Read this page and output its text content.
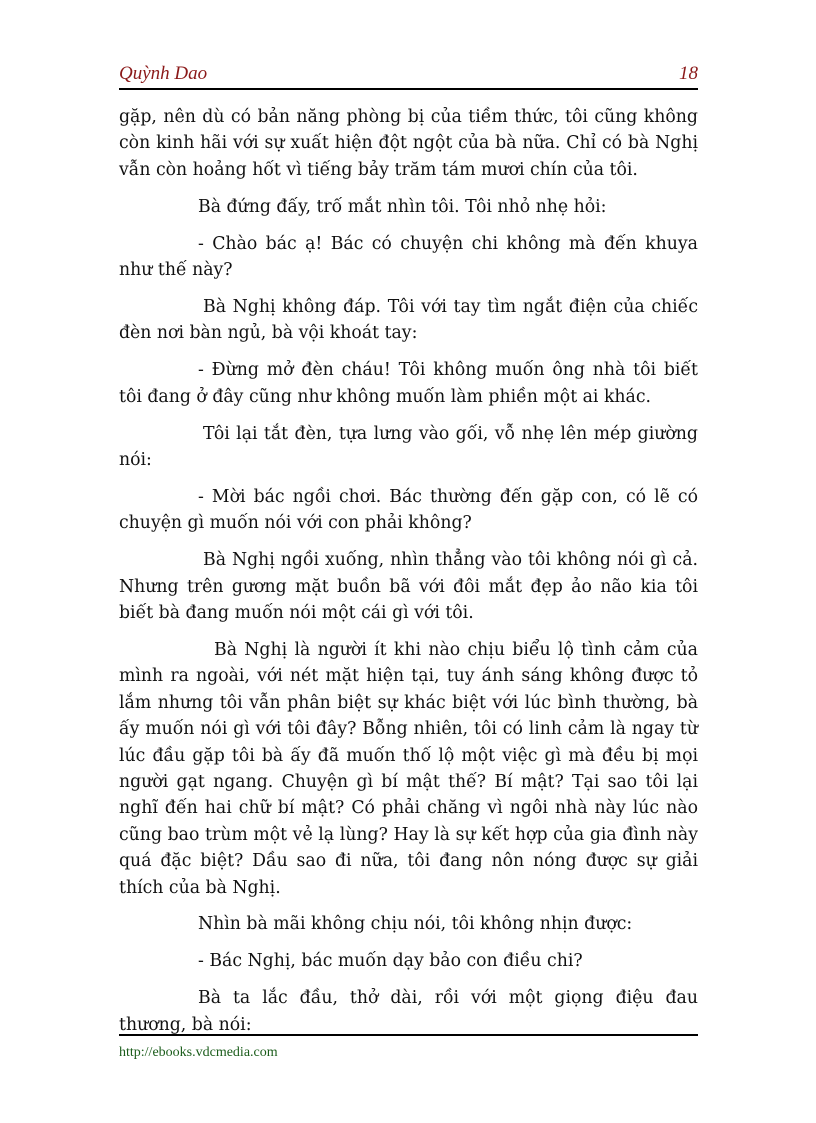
Quỳnh Dao	18

gặp, nên dù có bản năng phòng bị của tiềm thức, tôi cũng không còn kinh hãi với sự xuất hiện đột ngột của bà nữa. Chỉ có bà Nghị vẫn còn hoảng hốt vì tiếng bảy trăm tám mươi chín của tôi.

Bà đứng đấy, trố mắt nhìn tôi. Tôi nhỏ nhẹ hỏi:

- Chào bác ạ! Bác có chuyện chi không mà đến khuya như thế này?

Bà Nghị không đáp. Tôi với tay tìm ngắt điện của chiếc đèn nơi bàn ngủ, bà vội khoát tay:

- Đừng mở đèn cháu! Tôi không muốn ông nhà tôi biết tôi đang ở đây cũng như không muốn làm phiền một ai khác.

Tôi lại tắt đèn, tựa lưng vào gối, vỗ nhẹ lên mép giường nói:

- Mời bác ngồi chơi. Bác thường đến gặp con, có lẽ có chuyện gì muốn nói với con phải không?

Bà Nghị ngồi xuống, nhìn thẳng vào tôi không nói gì cả. Nhưng trên gương mặt buồn bã với đôi mắt đẹp ảo não kia tôi biết bà đang muốn nói một cái gì với tôi.

Bà Nghị là người ít khi nào chịu biểu lộ tình cảm của mình ra ngoài, với nét mặt hiện tại, tuy ánh sáng không được tỏ lắm nhưng tôi vẫn phân biệt sự khác biệt với lúc bình thường, bà ấy muốn nói gì với tôi đây? Bỗng nhiên, tôi có linh cảm là ngay từ lúc đầu gặp tôi bà ấy đã muốn thố lộ một việc gì mà đều bị mọi người gạt ngang. Chuyện gì bí mật thế? Bí mật? Tại sao tôi lại nghĩ đến hai chữ bí mật? Có phải chăng vì ngôi nhà này lúc nào cũng bao trùm một vẻ lạ lùng? Hay là sự kết hợp của gia đình này quá đặc biệt? Dầu sao đi nữa, tôi đang nôn nóng được sự giải thích của bà Nghị.

Nhìn bà mãi không chịu nói, tôi không nhịn được:

- Bác Nghị, bác muốn dạy bảo con điều chi?

Bà ta lắc đầu, thở dài, rồi với một giọng điệu đau thương, bà nói:

http://ebooks.vdcmedia.com
